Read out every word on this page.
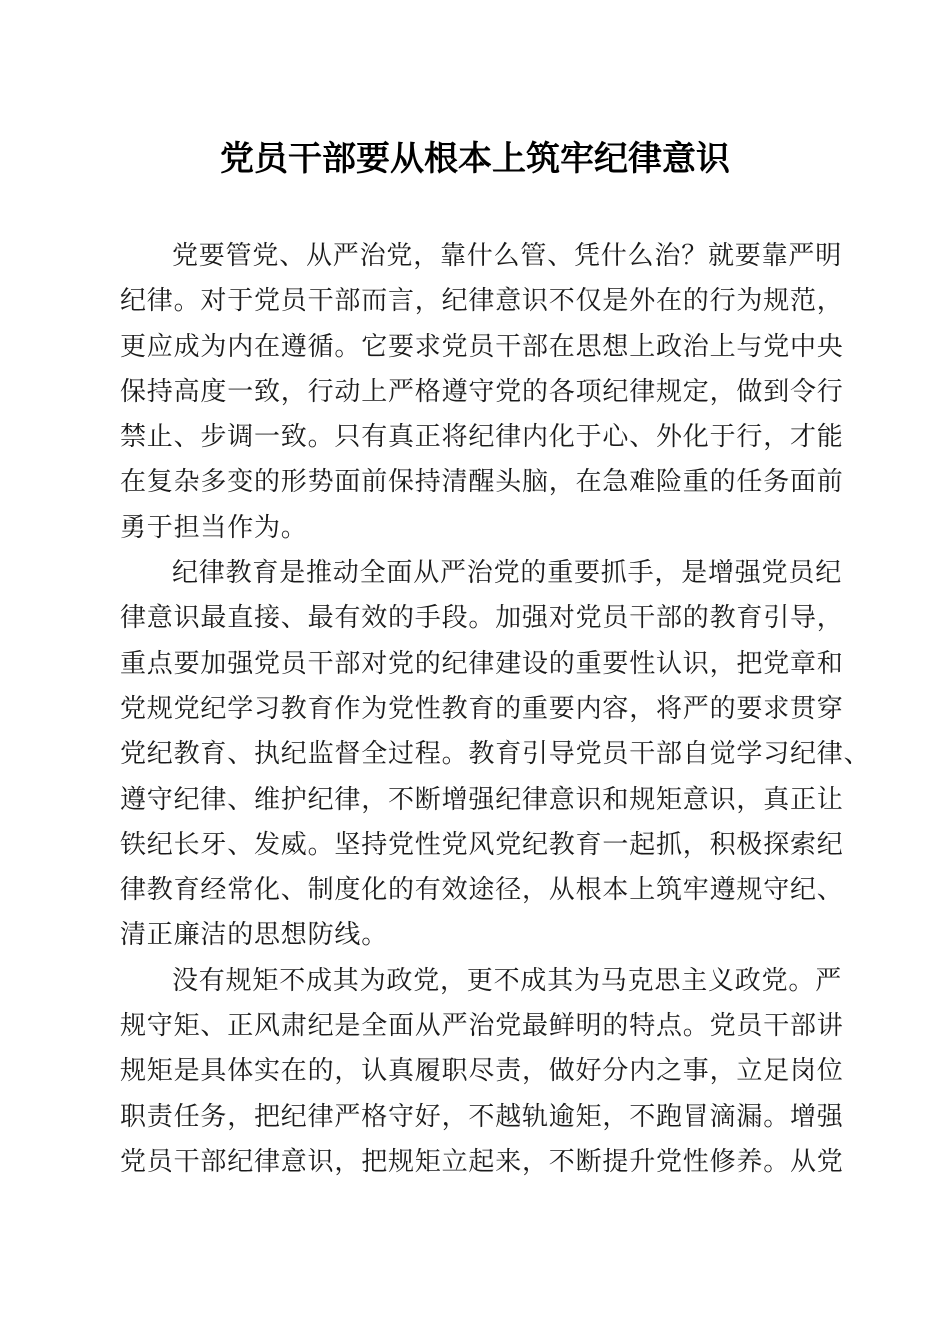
党员干部要从根本上筑牢纪律意识
党要管党、从严治党，靠什么管、凭什么治？就要靠严明
纪律。对于党员干部而言，纪律意识不仅是外在的行为规范，
更应成为内在遵循。它要求党员干部在思想上政治上与党中央
保持高度一致，行动上严格遵守党的各项纪律规定，做到令行
禁止、步调一致。只有真正将纪律内化于心、外化于行，才能
在复杂多变的形势面前保持清醒头脑，在急难险重的任务面前
勇于担当作为。
纪律教育是推动全面从严治党的重要抓手，是增强党员纪
律意识最直接、最有效的手段。加强对党员干部的教育引导，
重点要加强党员干部对党的纪律建设的重要性认识，把党章和
党规党纪学习教育作为党性教育的重要内容，将严的要求贯穿
党纪教育、执纪监督全过程。教育引导党员干部自觉学习纪律、
遵守纪律、维护纪律，不断增强纪律意识和规矩意识，真正让
铁纪长牙、发威。坚持党性党风党纪教育一起抓，积极探索纪
律教育经常化、制度化的有效途径，从根本上筑牢遵规守纪、
清正廉洁的思想防线。
没有规矩不成其为政党，更不成其为马克思主义政党。严
规守矩、正风肃纪是全面从严治党最鲜明的特点。党员干部讲
规矩是具体实在的，认真履职尽责，做好分内之事，立足岗位
职责任务，把纪律严格守好，不越轨逾矩，不跑冒滴漏。增强
党员干部纪律意识，把规矩立起来，不断提升党性修养。从党
